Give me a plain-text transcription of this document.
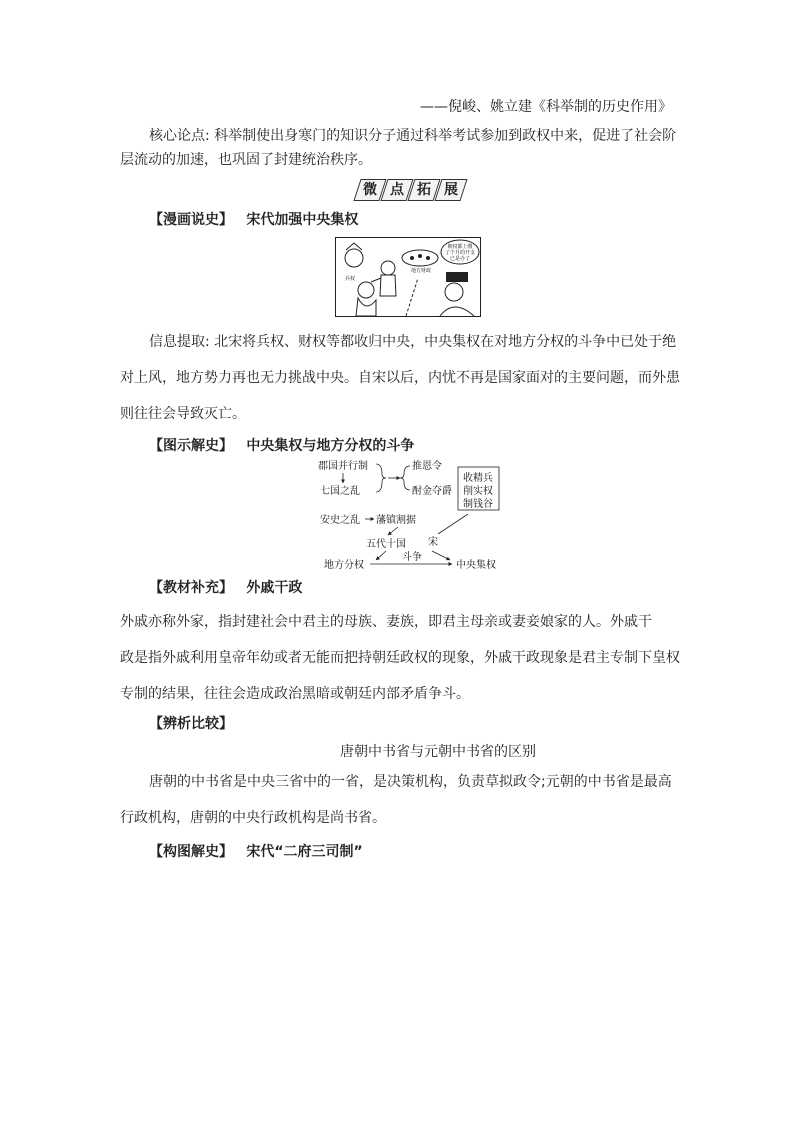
——倪峻、姚立建《科举制的历史作用》
核心论点: 科举制使出身寒门的知识分子通过科举考试参加到政权中来，促进了社会阶
层流动的加速，也巩固了封建统治秩序。
微 点 拓 展
【漫画说史】 宋代加强中央集权
朝权都上缴
了个月的开支
已是办了
兵权
地方财政
信息提取: 北宋将兵权、财权等都收归中央，中央集权在对地方分权的斗争中已处于绝
对上风，地方势力再也无力挑战中央。自宋以后，内忧不再是国家面对的主要问题，而外患
则往往会导致灭亡。
【图示解史】 中央集权与地方分权的斗争
郡国并行制
七国之乱
推恩令
酎金夺爵
收精兵
削实权
制钱谷
安史之乱 藩镇割据
五代十国 宋
地方分权
斗争
中央集权
【教材补充】 外戚干政
外戚亦称外家，指封建社会中君主的母族、妻族，即君主母亲或妻妾娘家的人。外戚干
政是指外戚利用皇帝年幼或者无能而把持朝廷政权的现象，外戚干政现象是君主专制下皇权
专制的结果，往往会造成政治黑暗或朝廷内部矛盾争斗。
【辨析比较】
唐朝中书省与元朝中书省的区别
唐朝的中书省是中央三省中的一省，是决策机构，负责草拟政令;元朝的中书省是最高
行政机构，唐朝的中央行政机构是尚书省。
【构图解史】 宋代“二府三司制”
